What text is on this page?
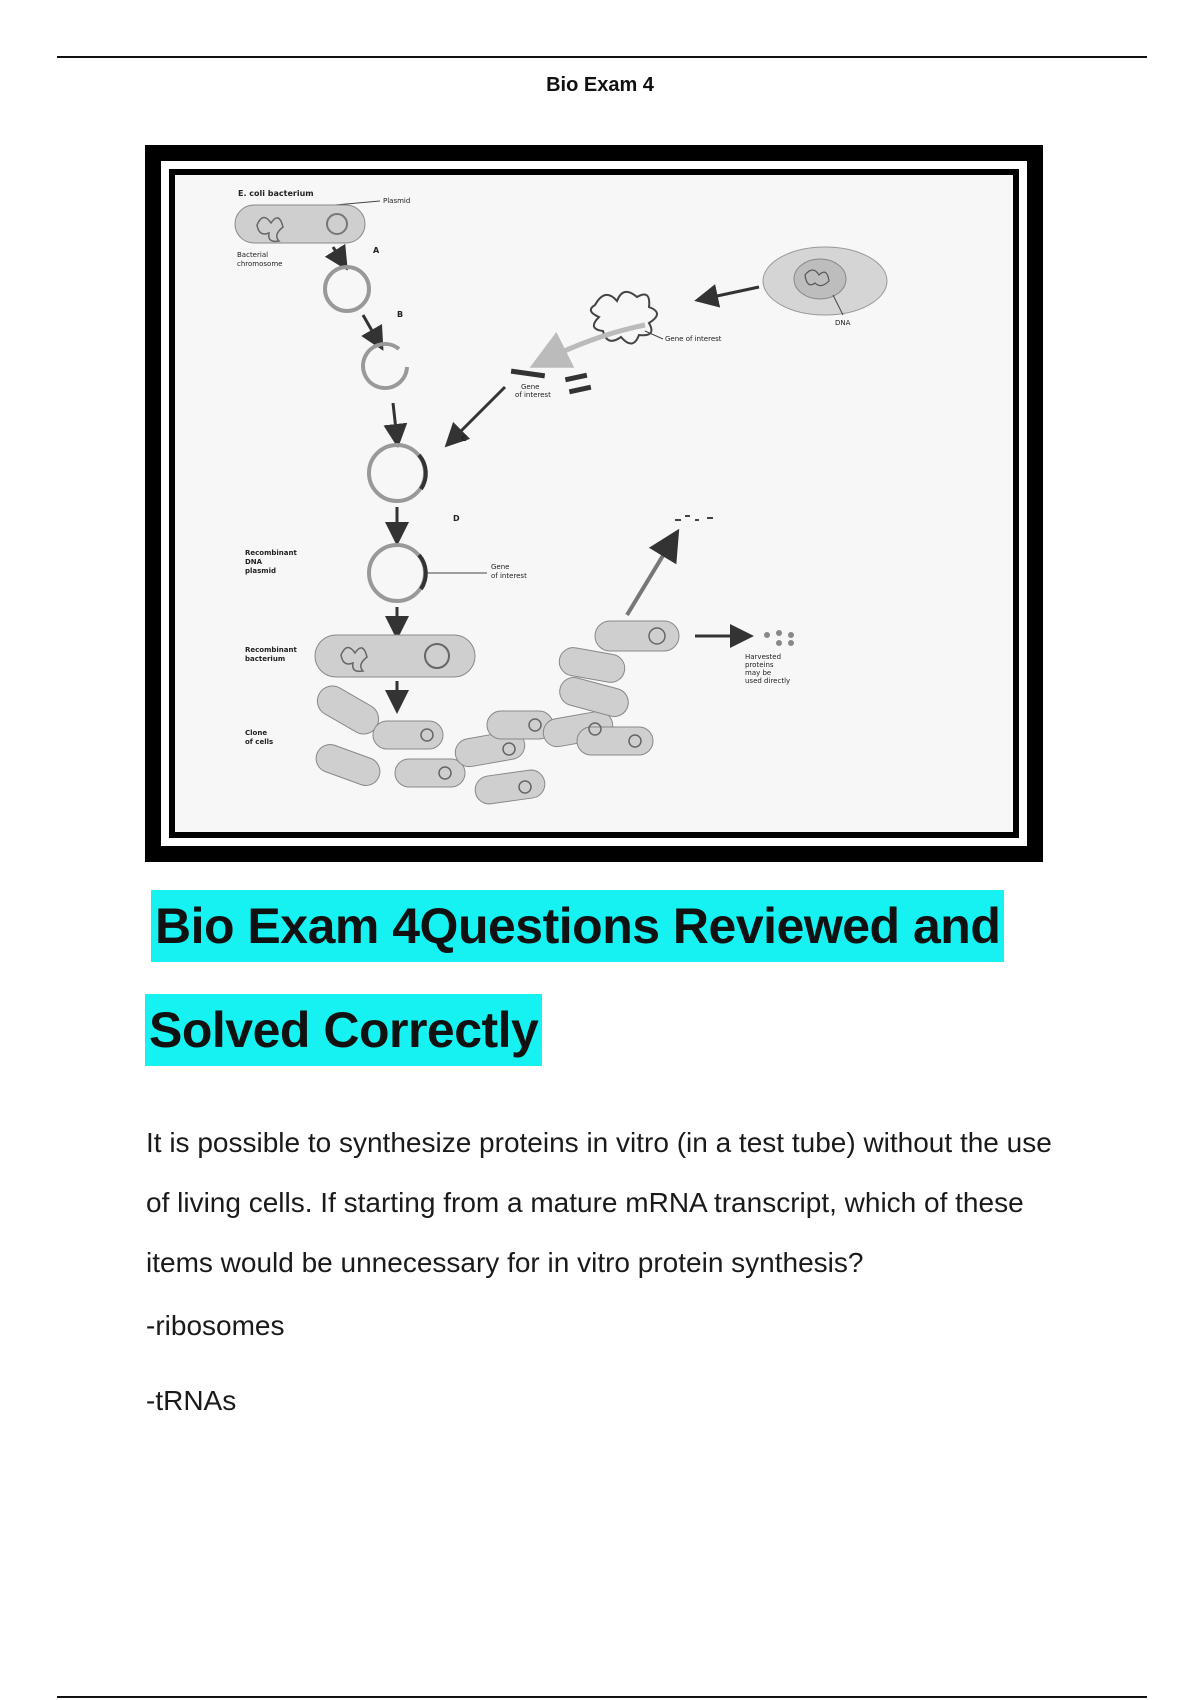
Bio Exam 4
E. coli bacterium
Plasmid
Bacterial
chromosome
A
B
DNA
Gene of interest
Gene
of interest
C
D
Gene
of interest
Recombinant
DNA
plasmid
Recombinant
bacterium
Clone
of cells
Harvested
proteins
may be
used directly
Bio Exam 4Questions Reviewed and
Solved Correctly
It is possible to synthesize proteins in vitro (in a test tube) without the use of living cells. If starting from a mature mRNA transcript, which of these items would be unnecessary for in vitro protein synthesis?
-ribosomes
-tRNAs
